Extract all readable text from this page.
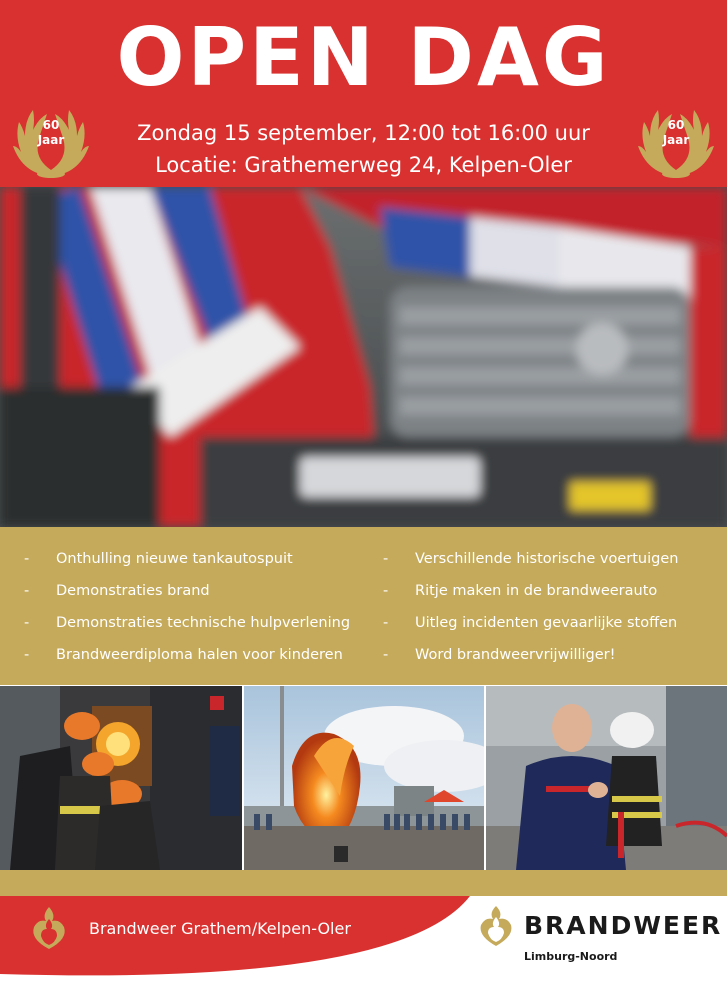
OPEN DAG
60
Jaar
60
Jaar
Zondag 15 september, 12:00 tot 16:00 uur
Locatie: Grathemerweg 24, Kelpen-Oler
- Onthulling nieuwe tankautospuit
- Demonstraties brand
- Demonstraties technische hulpverlening
- Brandweerdiploma halen voor kinderen
- Verschillende historische voertuigen
- Ritje maken in de brandweerauto
- Uitleg incidenten gevaarlijke stoffen
- Word brandweervrijwilliger!
Brandweer Grathem/Kelpen-Oler	BRANDWEER
Limburg-Noord
